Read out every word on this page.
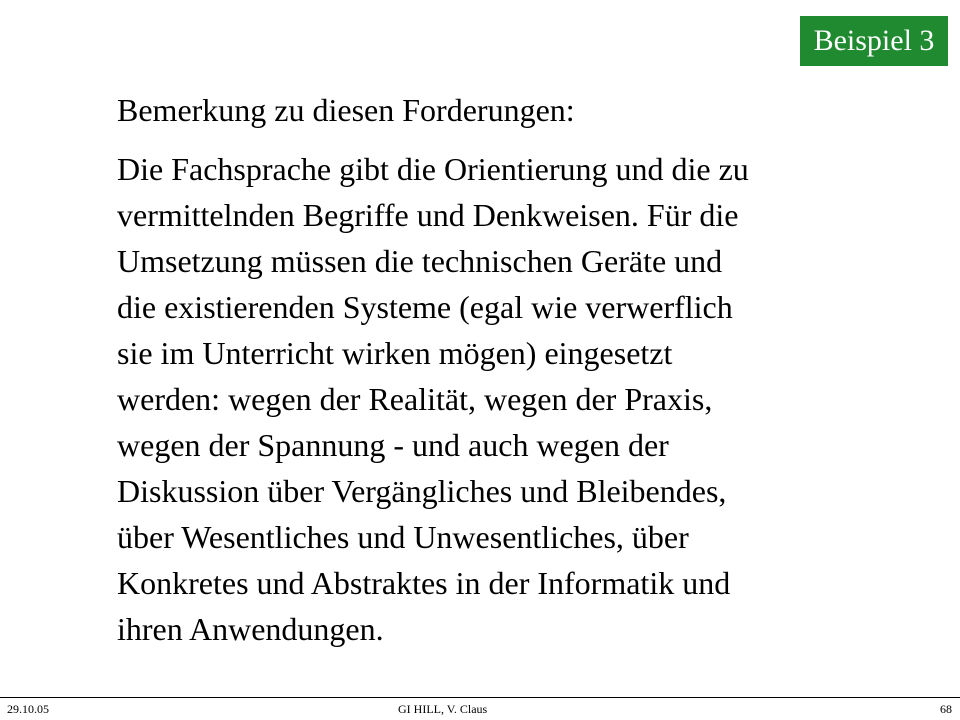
Beispiel 3
Bemerkung zu diesen Forderungen:
Die Fachsprache gibt die Orientierung und die zu
vermittelnden Begriffe und Denkweisen. Für die
Umsetzung müssen die technischen Geräte und
die existierenden Systeme (egal wie verwerflich
sie im Unterricht wirken mögen) eingesetzt
werden: wegen der Realität, wegen der Praxis,
wegen der Spannung - und auch wegen der
Diskussion über Vergängliches und Bleibendes,
über Wesentliches und Unwesentliches, über
Konkretes und Abstraktes in der Informatik und
ihren Anwendungen.
29.10.05	GI HILL, V. Claus	68
